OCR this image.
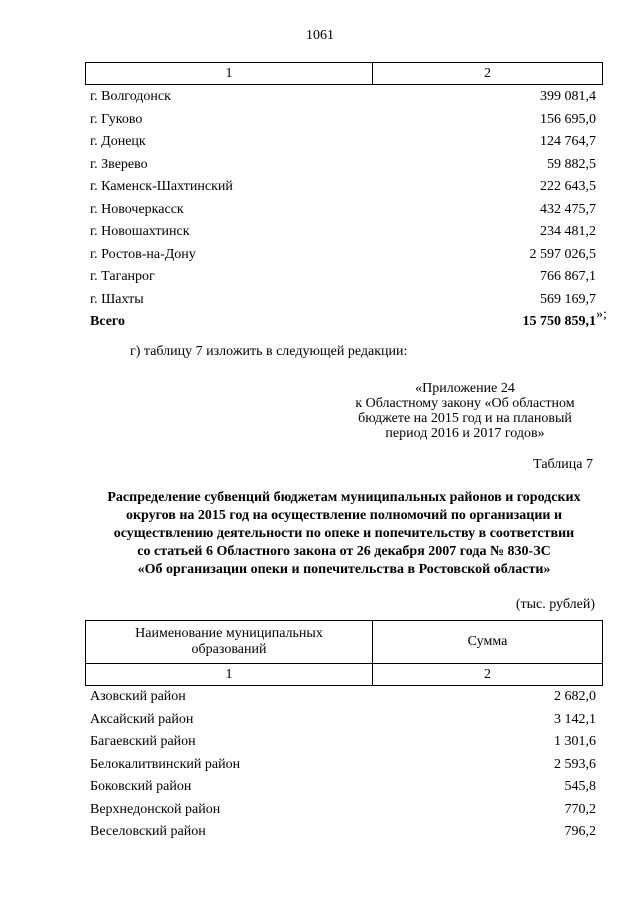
1061
1	2
г. Волгодонск	399 081,4
г. Гуково	156 695,0
г. Донецк	124 764,7
г. Зверево	59 882,5
г. Каменск-Шахтинский	222 643,5
г. Новочеркасск	432 475,7
г. Новошахтинск	234 481,2
г. Ростов-на-Дону	2 597 026,5
г. Таганрог	766 867,1
г. Шахты	569 169,7
Всего	15 750 859,1 »;
г) таблицу 7 изложить в следующей редакции:
«Приложение 24
к Областному закону «Об областном
бюджете на 2015 год и на плановый
период 2016 и 2017 годов»
Таблица 7
Распределение субвенций бюджетам муниципальных районов и городских
округов на 2015 год на осуществление полномочий по организации и
осуществлению деятельности по опеке и попечительству в соответствии
со статьей 6 Областного закона от 26 декабря 2007 года № 830-ЗС
«Об организации опеки и попечительства в Ростовской области»
(тыс. рублей)
Наименование муниципальных
образований	Сумма
1	2
Азовский район	2 682,0
Аксайский район	3 142,1
Багаевский район	1 301,6
Белокалитвинский район	2 593,6
Боковский район	545,8
Верхнедонской район	770,2
Веселовский район	796,2
